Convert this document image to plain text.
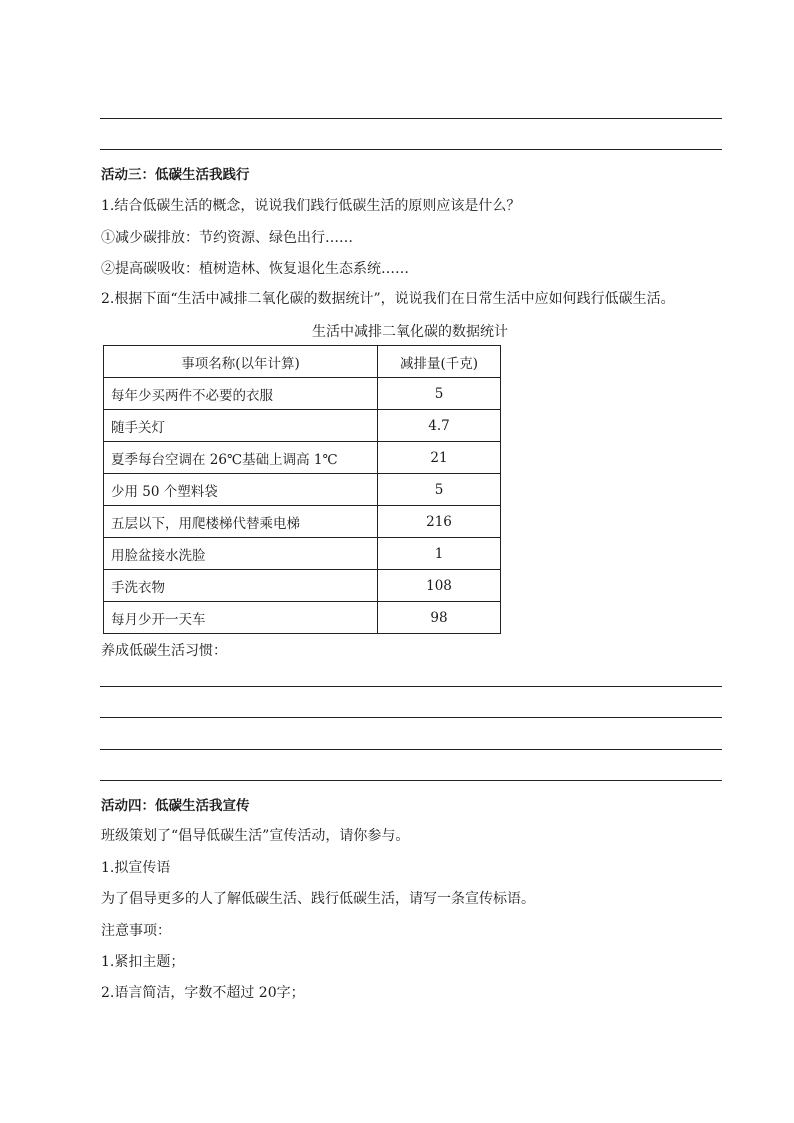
活动三：低碳生活我践行
1.结合低碳生活的概念，说说我们践行低碳生活的原则应该是什么？
①减少碳排放：节约资源、绿色出行……
②提高碳吸收：植树造林、恢复退化生态系统……
2.根据下面“生活中减排二氧化碳的数据统计”，说说我们在日常生活中应如何践行低碳生活。
生活中减排二氧化碳的数据统计
事项名称(以年计算)	减排量(千克)
每年少买两件不必要的衣服	5
随手关灯	4.7
夏季每台空调在 26℃基础上调高 1℃	21
少用 50 个塑料袋	5
五层以下，用爬楼梯代替乘电梯	216
用脸盆接水洗脸	1
手洗衣物	108
每月少开一天车	98
养成低碳生活习惯：
活动四：低碳生活我宣传
班级策划了“倡导低碳生活”宣传活动，请你参与。
1.拟宣传语
为了倡导更多的人了解低碳生活、践行低碳生活，请写一条宣传标语。
注意事项：
1.紧扣主题；
2.语言简洁，字数不超过 20字；
